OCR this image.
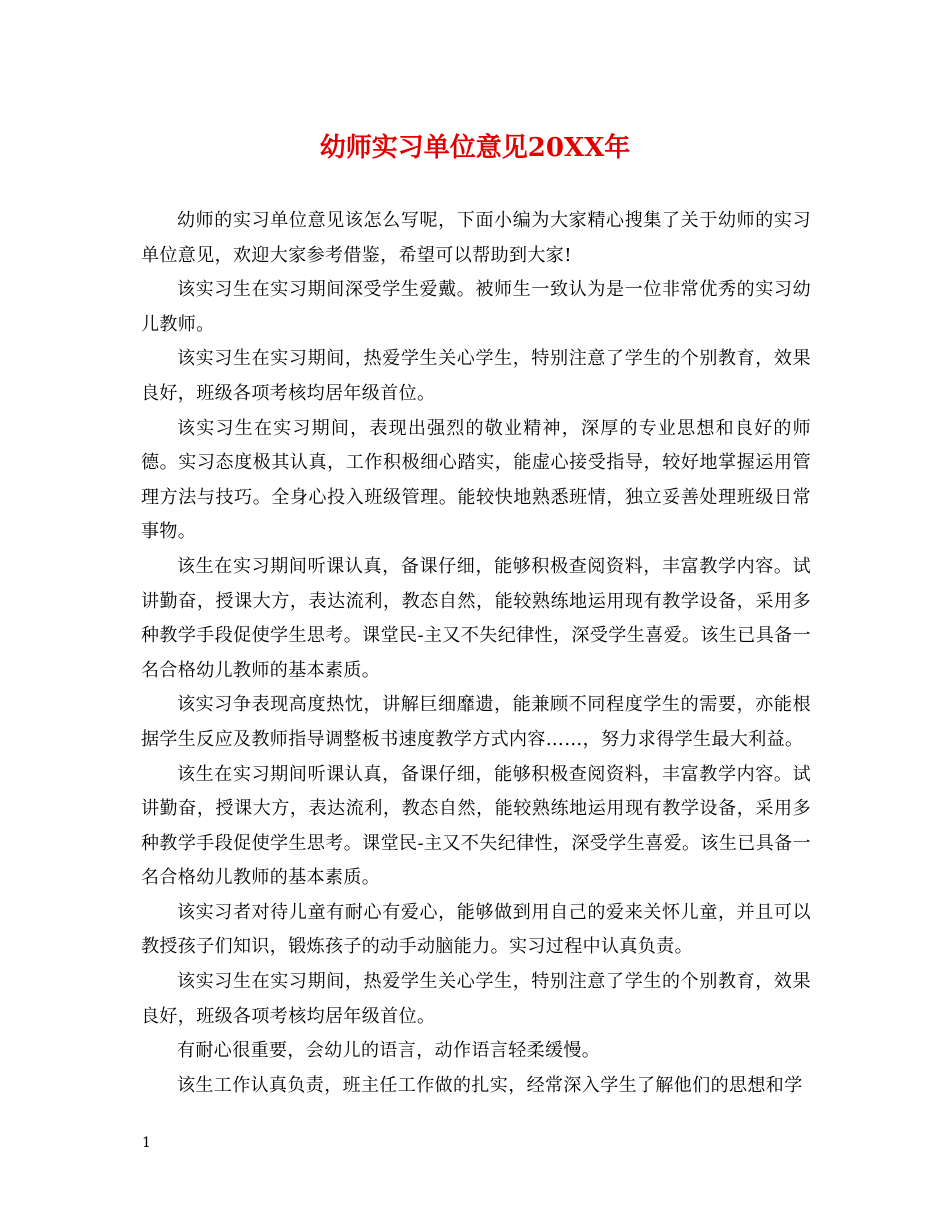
幼师实习单位意见20XX年

幼师的实习单位意见该怎么写呢，下面小编为大家精心搜集了关于幼师的实习单位意见，欢迎大家参考借鉴，希望可以帮助到大家!

该实习生在实习期间深受学生爱戴。被师生一致认为是一位非常优秀的实习幼儿教师。

该实习生在实习期间，热爱学生关心学生，特别注意了学生的个别教育，效果良好，班级各项考核均居年级首位。

该实习生在实习期间，表现出强烈的敬业精神，深厚的专业思想和良好的师德。实习态度极其认真，工作积极细心踏实，能虚心接受指导，较好地掌握运用管理方法与技巧。全身心投入班级管理。能较快地熟悉班情，独立妥善处理班级日常事物。

该生在实习期间听课认真，备课仔细，能够积极查阅资料，丰富教学内容。试讲勤奋，授课大方，表达流利，教态自然，能较熟练地运用现有教学设备，采用多种教学手段促使学生思考。课堂民-主又不失纪律性，深受学生喜爱。该生已具备一名合格幼儿教师的基本素质。

该实习争表现高度热忱，讲解巨细靡遗，能兼顾不同程度学生的需要，亦能根据学生反应及教师指导调整板书速度教学方式内容……，努力求得学生最大利益。

该生在实习期间听课认真，备课仔细，能够积极查阅资料，丰富教学内容。试讲勤奋，授课大方，表达流利，教态自然，能较熟练地运用现有教学设备，采用多种教学手段促使学生思考。课堂民-主又不失纪律性，深受学生喜爱。该生已具备一名合格幼儿教师的基本素质。

该实习者对待儿童有耐心有爱心，能够做到用自己的爱来关怀儿童，并且可以教授孩子们知识，锻炼孩子的动手动脑能力。实习过程中认真负责。

该实习生在实习期间，热爱学生关心学生，特别注意了学生的个别教育，效果良好，班级各项考核均居年级首位。

有耐心很重要，会幼儿的语言，动作语言轻柔缓慢。

该生工作认真负责，班主任工作做的扎实，经常深入学生了解他们的思想和学

1
